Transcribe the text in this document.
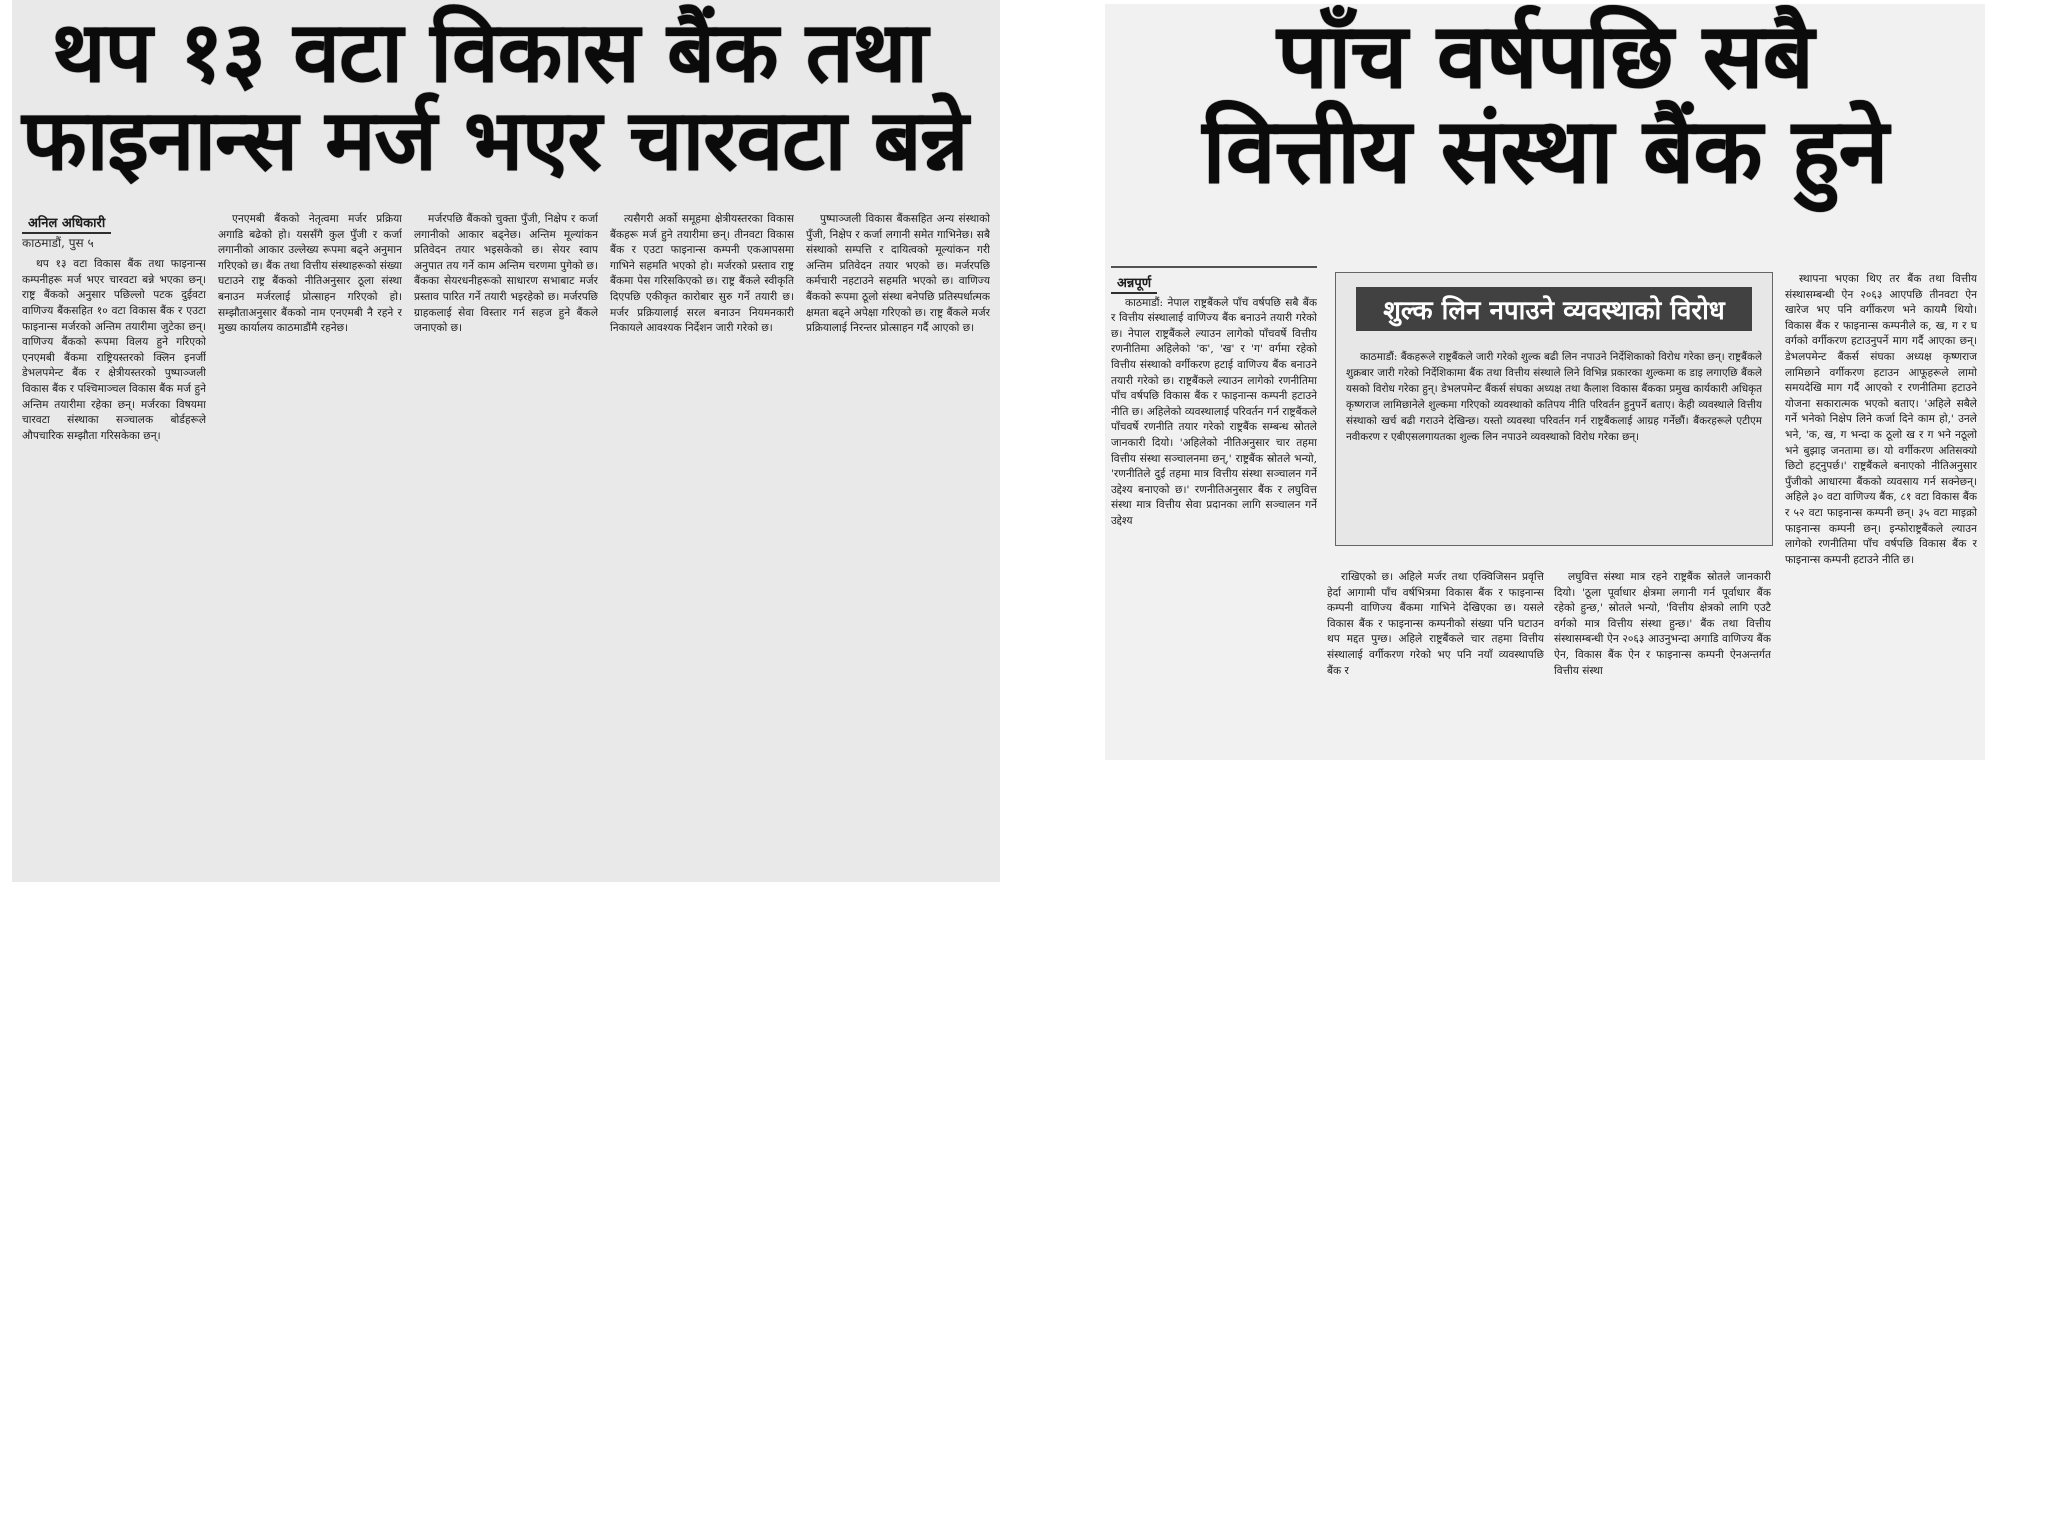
थप १३ वटा विकास बैंक तथा
फाइनान्स मर्ज भएर चारवटा बन्ने
अनिल अधिकारी
काठमाडौं, पुस ५

थप १३ वटा विकास बैंक तथा फाइनान्स कम्पनीहरू मर्ज भएर चारवटा बन्ने भएका छन्। राष्ट्र बैंकको अनुसार पछिल्लो पटक दुईवटा वाणिज्य बैंकसहित १० वटा विकास बैंक र एउटा फाइनान्स मर्जरको अन्तिम तयारीमा जुटेका छन्। वाणिज्य बैंकको रूपमा विलय हुने गरिएको एनएमबी बैंकमा राष्ट्रियस्तरको क्लिन इनर्जी डेभलपमेन्ट बैंक र क्षेत्रीयस्तरको पुष्पाञ्जली विकास बैंक र पश्चिमाञ्चल विकास बैंक मर्ज हुने अन्तिम तयारीमा रहेका छन्। मर्जरका विषयमा चारवटा संस्थाका सञ्चालक बोर्डहरूले औपचारिक सम्झौता गरिसकेका छन्।

एनएमबी बैंकको नेतृत्वमा मर्जर प्रक्रिया अगाडि बढेको हो। यससँगै कुल पुँजी र कर्जा लगानीको आकार उल्लेख्य रूपमा बढ्ने अनुमान गरिएको छ। बैंक तथा वित्तीय संस्थाहरूको संख्या घटाउने राष्ट्र बैंकको नीतिअनुसार ठूला संस्था बनाउन मर्जरलाई प्रोत्साहन गरिएको हो। सम्झौताअनुसार बैंकको नाम एनएमबी नै रहने र मुख्य कार्यालय काठमाडौंमै रहनेछ।

मर्जरपछि बैंकको चुक्ता पुँजी, निक्षेप र कर्जा लगानीको आकार बढ्नेछ। अन्तिम मूल्यांकन प्रतिवेदन तयार भइसकेको छ। सेयर स्वाप अनुपात तय गर्ने काम अन्तिम चरणमा पुगेको छ। बैंकका सेयरधनीहरूको साधारण सभाबाट मर्जर प्रस्ताव पारित गर्ने तयारी भइरहेको छ। मर्जरपछि ग्राहकलाई सेवा विस्तार गर्न सहज हुने बैंकले जनाएको छ।

त्यसैगरी अर्को समूहमा क्षेत्रीयस्तरका विकास बैंकहरू मर्ज हुने तयारीमा छन्। तीनवटा विकास बैंक र एउटा फाइनान्स कम्पनी एकआपसमा गाभिने सहमति भएको हो। मर्जरको प्रस्ताव राष्ट्र बैंकमा पेस गरिसकिएको छ। राष्ट्र बैंकले स्वीकृति दिएपछि एकीकृत कारोबार सुरु गर्ने तयारी छ। मर्जर प्रक्रियालाई सरल बनाउन नियमनकारी निकायले आवश्यक निर्देशन जारी गरेको छ।

पुष्पाञ्जली विकास बैंकसहित अन्य संस्थाको पुँजी, निक्षेप र कर्जा लगानी समेत गाभिनेछ। सबै संस्थाको सम्पत्ति र दायित्वको मूल्यांकन गरी अन्तिम प्रतिवेदन तयार भएको छ। मर्जरपछि कर्मचारी नहटाउने सहमति भएको छ। वाणिज्य बैंकको रूपमा ठूलो संस्था बनेपछि प्रतिस्पर्धात्मक क्षमता बढ्ने अपेक्षा गरिएको छ। राष्ट्र बैंकले मर्जर प्रक्रियालाई निरन्तर प्रोत्साहन गर्दै आएको छ।

पाँच वर्षपछि सबै
वित्तीय संस्था बैंक हुने
अन्नपूर्ण

काठमाडौं: नेपाल राष्ट्रबैंकले पाँच वर्षपछि सबै बैंक र वित्तीय संस्थालाई वाणिज्य बैंक बनाउने तयारी गरेको छ। नेपाल राष्ट्रबैंकले ल्याउन लागेको पाँचवर्षे वित्तीय रणनीतिमा अहिलेको 'क', 'ख' र 'ग' वर्गमा रहेको वित्तीय संस्थाको वर्गीकरण हटाई वाणिज्य बैंक बनाउने तयारी गरेको छ। राष्ट्रबैंकले ल्याउन लागेको रणनीतिमा पाँच वर्षपछि विकास बैंक र फाइनान्स कम्पनी हटाउने नीति छ। अहिलेको व्यवस्थालाई परिवर्तन गर्न राष्ट्रबैंकले पाँचवर्षे रणनीति तयार गरेको राष्ट्रबैंक सम्बन्ध स्रोतले जानकारी दियो। 'अहिलेको नीतिअनुसार चार तहमा वित्तीय संस्था सञ्चालनमा छन्,' राष्ट्रबैंक स्रोतले भन्यो, 'रणनीतिले दुई तहमा मात्र वित्तीय संस्था सञ्चालन गर्ने उद्देश्य बनाएको छ।' रणनीतिअनुसार बैंक र लघुवित्त संस्था मात्र वित्तीय सेवा प्रदानका लागि सञ्चालन गर्ने उद्देश्य

शुल्क लिन नपाउने व्यवस्थाको विरोध

काठमाडौं: बैंकहरूले राष्ट्रबैंकले जारी गरेको शुल्क बढी लिन नपाउने निर्देशिकाको विरोध गरेका छन्। राष्ट्रबैंकले शुक्रबार जारी गरेको निर्देशिकामा बैंक तथा वित्तीय संस्थाले लिने विभिन्न प्रकारका शुल्कमा क डाइ लगाएछि बैंकले यसको विरोध गरेका हुन्। डेभलपमेन्ट बैंकर्स संघका अध्यक्ष तथा कैलाश विकास बैंकका प्रमुख कार्यकारी अधिकृत कृष्णराज लामिछानेले शुल्कमा गरिएको व्यवस्थाको कतिपय नीति परिवर्तन हुनुपर्ने बताए। केही व्यवस्थाले वित्तीय संस्थाको खर्च बढी गराउने देखिन्छ। यस्तो व्यवस्था परिवर्तन गर्न राष्ट्रबैंकलाई आग्रह गर्नेछौं। बैंकरहरूले एटीएम नवीकरण र एबीएसलगायतका शुल्क लिन नपाउने व्यवस्थाको विरोध गरेका छन्।

राखिएको छ। अहिले मर्जर तथा एक्विजिसन प्रवृत्ति हेर्दा आगामी पाँच वर्षभित्रमा विकास बैंक र फाइनान्स कम्पनी वाणिज्य बैंकमा गाभिने देखिएका छ। यसले विकास बैंक र फाइनान्स कम्पनीको संख्या पनि घटाउन थप मद्दत पुग्छ। अहिले राष्ट्रबैंकले चार तहमा वित्तीय संस्थालाई वर्गीकरण गरेको भए पनि नयाँ व्यवस्थापछि बैंक र

लघुवित्त संस्था मात्र रहने राष्ट्रबैंक स्रोतले जानकारी दियो। 'ठूला पूर्वाधार क्षेत्रमा लगानी गर्न पूर्वाधार बैंक रहेको हुन्छ,' स्रोतले भन्यो, 'वित्तीय क्षेत्रको लागि एउटै वर्गको मात्र वित्तीय संस्था हुन्छ।' बैंक तथा वित्तीय संस्थासम्बन्धी ऐन २०६३ आउनुभन्दा अगाडि वाणिज्य बैंक ऐन, विकास बैंक ऐन र फाइनान्स कम्पनी ऐनअन्तर्गत वित्तीय संस्था

स्थापना भएका थिए तर बैंक तथा वित्तीय संस्थासम्बन्धी ऐन २०६३ आएपछि तीनवटा ऐन खारेज भए पनि वर्गीकरण भने कायमै थियो। विकास बैंक र फाइनान्स कम्पनीले क, ख, ग र घ वर्गको वर्गीकरण हटाउनुपर्ने माग गर्दै आएका छन्। डेभलपमेन्ट बैंकर्स संघका अध्यक्ष कृष्णराज लामिछाने वर्गीकरण हटाउन आफूहरूले लामो समयदेखि माग गर्दै आएको र रणनीतिमा हटाउने योजना सकारात्मक भएको बताए। 'अहिले सबैले गर्ने भनेको निक्षेप लिने कर्जा दिने काम हो,' उनले भने, 'क, ख, ग भन्दा क ठूलो ख र ग भने नठूलो भने बुझाइ जनतामा छ। यो वर्गीकरण अतिसक्यो छिटो हट्नुपर्छ।' राष्ट्रबैंकले बनाएको नीतिअनुसार पुँजीको आधारमा बैंकको व्यवसाय गर्न सक्नेछन्। अहिले ३० वटा वाणिज्य बैंक, ८१ वटा विकास बैंक र ५२ वटा फाइनान्स कम्पनी छन्। ३५ वटा माइक्रो फाइनान्स कम्पनी छन्। इन्फोराष्ट्रबैंकले ल्याउन लागेको रणनीतिमा पाँच वर्षपछि विकास बैंक र फाइनान्स कम्पनी हटाउने नीति छ।
